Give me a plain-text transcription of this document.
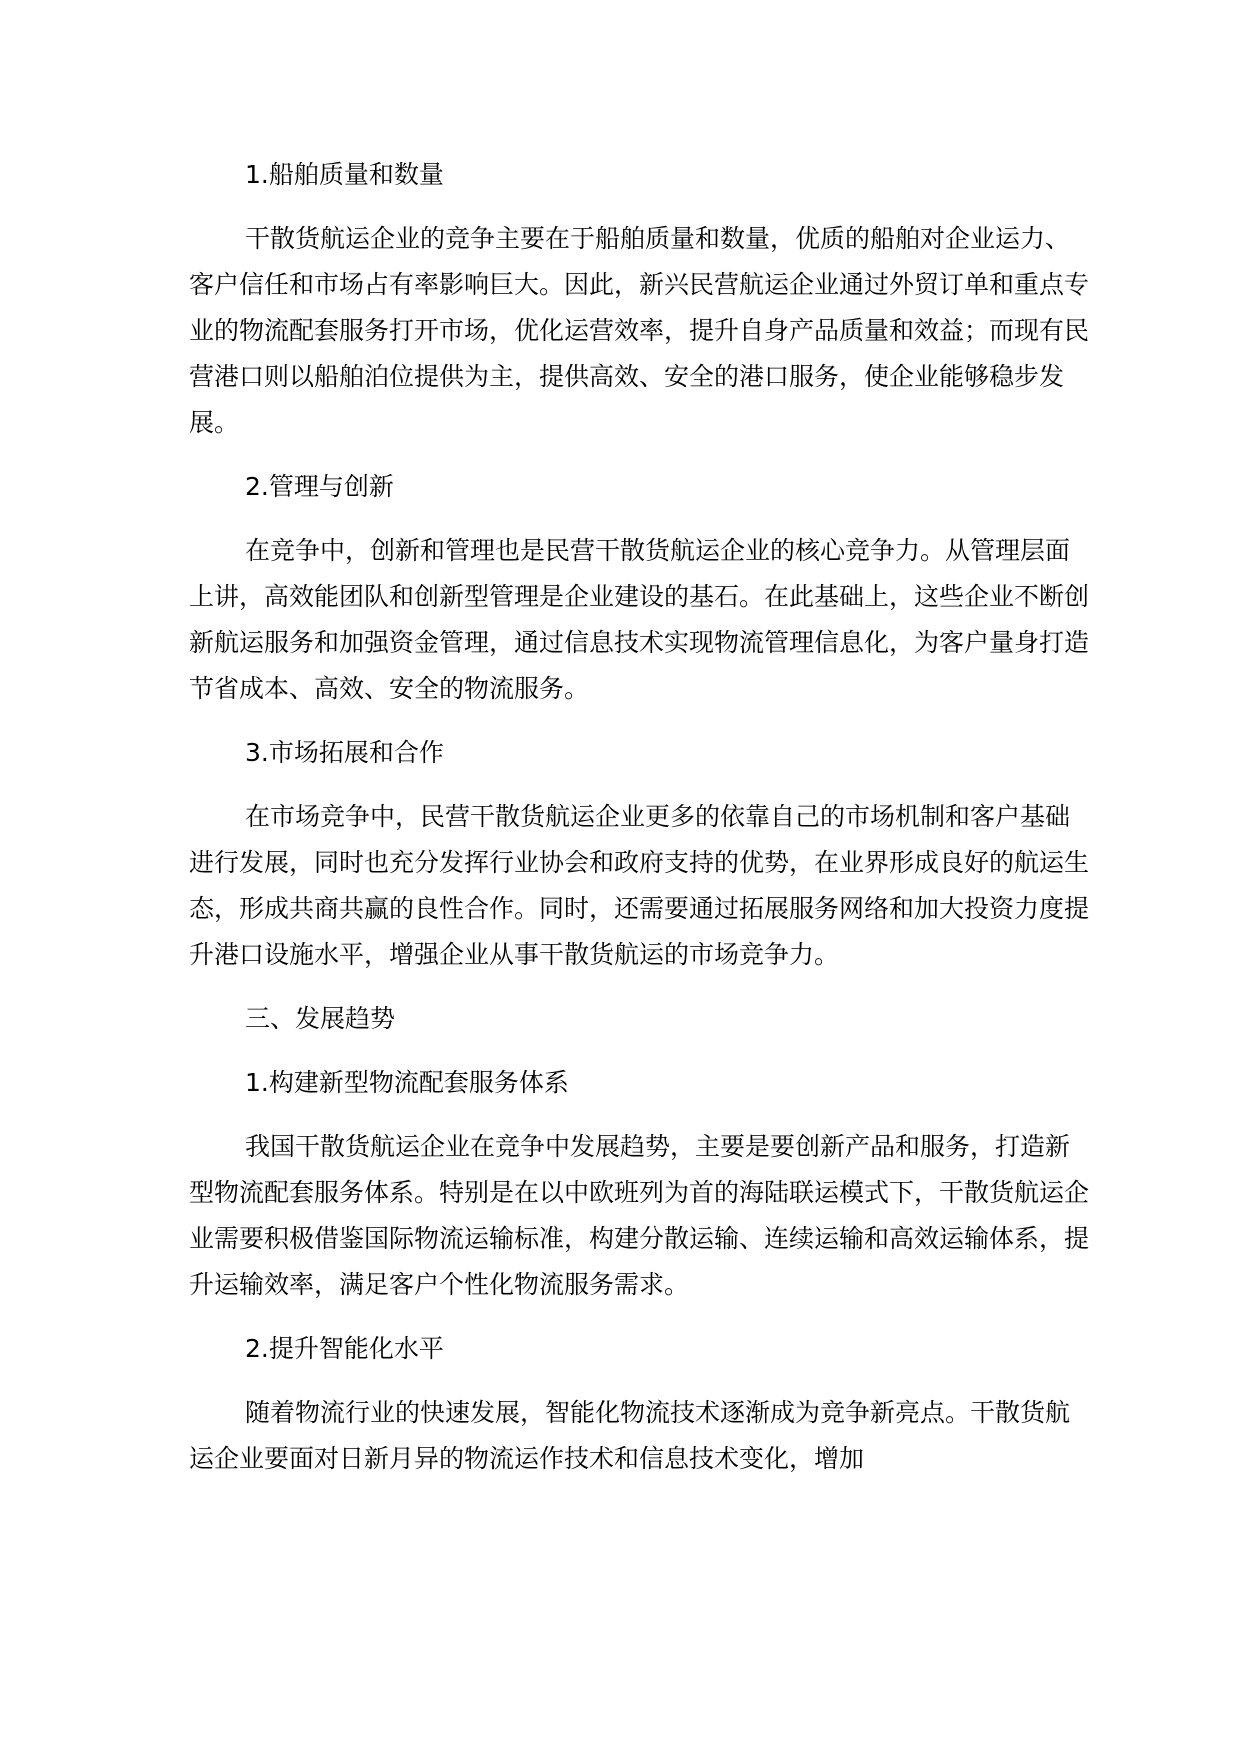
1.船舶质量和数量

干散货航运企业的竞争主要在于船舶质量和数量，优质的船舶对企业运力、客户信任和市场占有率影响巨大。因此，新兴民营航运企业通过外贸订单和重点专业的物流配套服务打开市场，优化运营效率，提升自身产品质量和效益；而现有民营港口则以船舶泊位提供为主，提供高效、安全的港口服务，使企业能够稳步发展。

2.管理与创新

在竞争中，创新和管理也是民营干散货航运企业的核心竞争力。从管理层面上讲，高效能团队和创新型管理是企业建设的基石。在此基础上，这些企业不断创新航运服务和加强资金管理，通过信息技术实现物流管理信息化，为客户量身打造节省成本、高效、安全的物流服务。

3.市场拓展和合作

在市场竞争中，民营干散货航运企业更多的依靠自己的市场机制和客户基础进行发展，同时也充分发挥行业协会和政府支持的优势，在业界形成良好的航运生态，形成共商共赢的良性合作。同时，还需要通过拓展服务网络和加大投资力度提升港口设施水平，增强企业从事干散货航运的市场竞争力。

三、发展趋势

1.构建新型物流配套服务体系

我国干散货航运企业在竞争中发展趋势，主要是要创新产品和服务，打造新型物流配套服务体系。特别是在以中欧班列为首的海陆联运模式下，干散货航运企业需要积极借鉴国际物流运输标准，构建分散运输、连续运输和高效运输体系，提升运输效率，满足客户个性化物流服务需求。

2.提升智能化水平

随着物流行业的快速发展，智能化物流技术逐渐成为竞争新亮点。干散货航运企业要面对日新月异的物流运作技术和信息技术变化，增加
